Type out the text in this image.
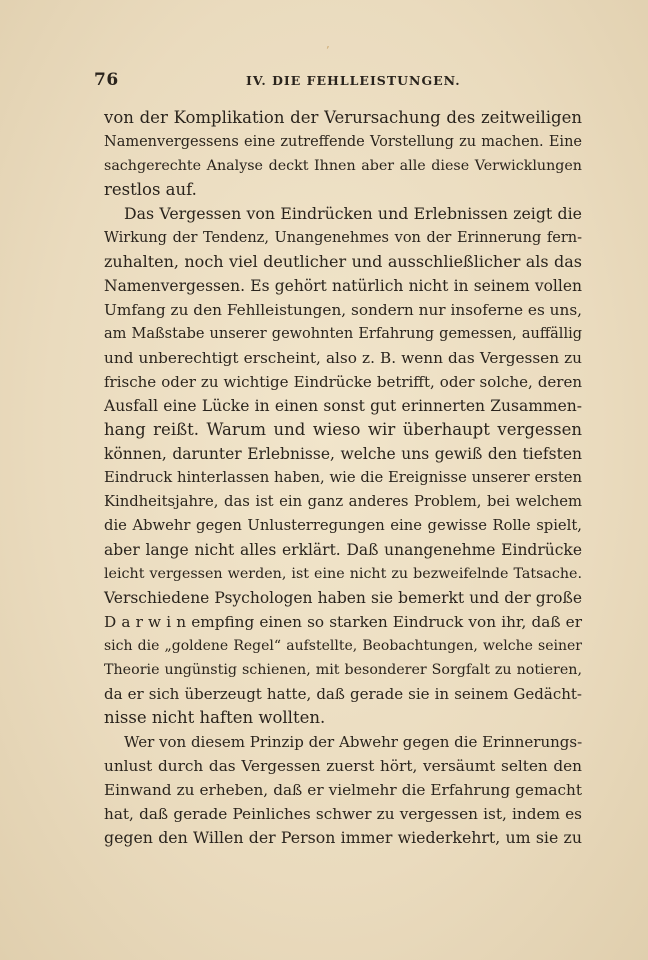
’
76	IV. DIE FEHLLEISTUNGEN.
von der Komplikation der Verursachung des zeitweiligen
Namenvergessens eine zutreffende Vorstellung zu machen. Eine
sachgerechte Analyse deckt Ihnen aber alle diese Verwicklungen
restlos auf.
Das Vergessen von Eindrücken und Erlebnissen zeigt die
Wirkung der Tendenz, Unangenehmes von der Erinnerung fern-
zuhalten, noch viel deutlicher und ausschließlicher als das
Namenvergessen. Es gehört natürlich nicht in seinem vollen
Umfang zu den Fehlleistungen, sondern nur insoferne es uns,
am Maßstabe unserer gewohnten Erfahrung gemessen, auffällig
und unberechtigt erscheint, also z. B. wenn das Vergessen zu
frische oder zu wichtige Eindrücke betrifft, oder solche, deren
Ausfall eine Lücke in einen sonst gut erinnerten Zusammen-
hang reißt. Warum und wieso wir überhaupt vergessen
können, darunter Erlebnisse, welche uns gewiß den tiefsten
Eindruck hinterlassen haben, wie die Ereignisse unserer ersten
Kindheitsjahre, das ist ein ganz anderes Problem, bei welchem
die Abwehr gegen Unlusterregungen eine gewisse Rolle spielt,
aber lange nicht alles erklärt. Daß unangenehme Eindrücke
leicht vergessen werden, ist eine nicht zu bezweifelnde Tatsache.
Verschiedene Psychologen haben sie bemerkt und der große
D a r w i n empfing einen so starken Eindruck von ihr, daß er
sich die „goldene Regel“ aufstellte, Beobachtungen, welche seiner
Theorie ungünstig schienen, mit besonderer Sorgfalt zu notieren,
da er sich überzeugt hatte, daß gerade sie in seinem Gedächt-
nisse nicht haften wollten.
Wer von diesem Prinzip der Abwehr gegen die Erinnerungs-
unlust durch das Vergessen zuerst hört, versäumt selten den
Einwand zu erheben, daß er vielmehr die Erfahrung gemacht
hat, daß gerade Peinliches schwer zu vergessen ist, indem es
gegen den Willen der Person immer wiederkehrt, um sie zu
